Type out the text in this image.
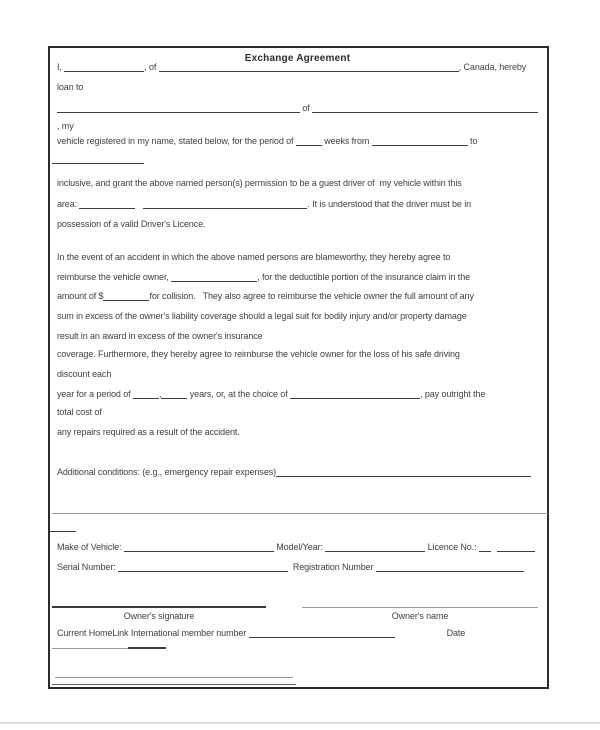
Exchange Agreement
I,	, of	, Canada, hereby
loan to
of
, my
vehicle registered in my name, stated below, for the period of	weeks from	to
inclusive, and grant the above named person(s) permission to be a guest driver of  my vehicle within this
area:	. It is understood that the driver must be in
possession of a valid Driver's Licence.
In the event of an accident in which the above named persons are blameworthy, they hereby agree to
reimburse the vehicle owner,	, for the deductible portion of the insurance claim in the
amount of $	for collision.   They also agree to reimburse the vehicle owner the full amount of any
sum in excess of the owner's liability coverage should a legal suit for bodily injury and/or property damage
result in an award in excess of the owner's insurance
coverage. Furthermore, they hereby agree to reimburse the vehicle owner for the loss of his safe driving
discount each
year for a period of	,	years, or, at the choice of	, pay outright the
total cost of
any repairs required as a result of the accident.
Additional conditions: (e.g., emergency repair expenses)
Make of Vehicle:	Model/Year:	Licence No.:
Serial Number:	Registration Number
Owner's signature	Owner's name
Current HomeLink International member number	Date
